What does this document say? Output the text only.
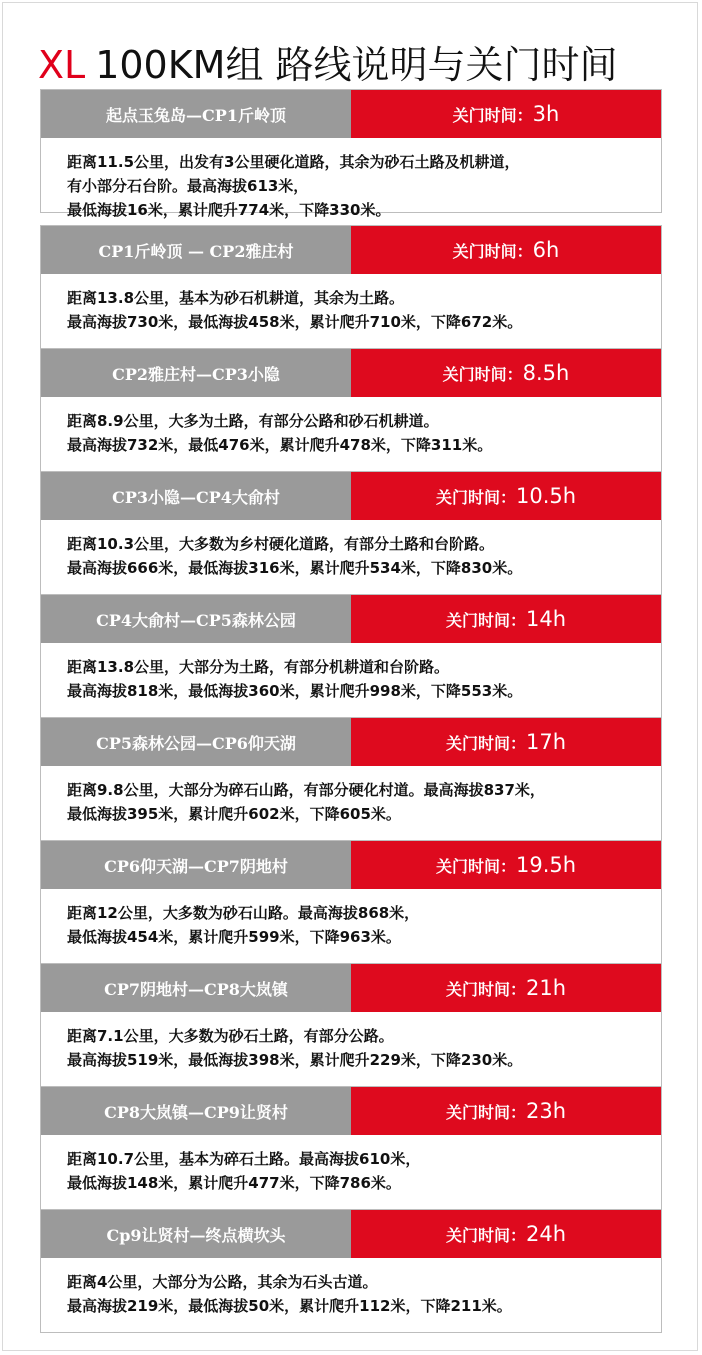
XL 100KM组 路线说明与关门时间
起点玉兔岛—CP1斤岭顶	关门时间： 3h
距离11.5公里，出发有3公里硬化道路，其余为砂石土路及机耕道，
有小部分石台阶。最高海拔613米，
最低海拔16米，累计爬升774米，下降330米。
CP1斤岭顶 — CP2雅庄村	关门时间： 6h
距离13.8公里，基本为砂石机耕道，其余为土路。
最高海拔730米，最低海拔458米，累计爬升710米，下降672米。
CP2雅庄村—CP3小隐	关门时间： 8.5h
距离8.9公里，大多为土路，有部分公路和砂石机耕道。
最高海拔732米，最低476米，累计爬升478米，下降311米。
CP3小隐—CP4大俞村	关门时间： 10.5h
距离10.3公里，大多数为乡村硬化道路，有部分土路和台阶路。
最高海拔666米，最低海拔316米，累计爬升534米，下降830米。
CP4大俞村—CP5森林公园	关门时间： 14h
距离13.8公里，大部分为土路，有部分机耕道和台阶路。
最高海拔818米，最低海拔360米，累计爬升998米，下降553米。
CP5森林公园—CP6仰天湖	关门时间： 17h
距离9.8公里，大部分为碎石山路，有部分硬化村道。最高海拔837米，
最低海拔395米，累计爬升602米，下降605米。
CP6仰天湖—CP7阴地村	关门时间： 19.5h
距离12公里，大多数为砂石山路。最高海拔868米，
最低海拔454米，累计爬升599米，下降963米。
CP7阴地村—CP8大岚镇	关门时间： 21h
距离7.1公里，大多数为砂石土路，有部分公路。
最高海拔519米，最低海拔398米，累计爬升229米，下降230米。
CP8大岚镇—CP9让贤村	关门时间： 23h
距离10.7公里，基本为碎石土路。最高海拔610米，
最低海拔148米，累计爬升477米，下降786米。
Cp9让贤村—终点横坎头	关门时间： 24h
距离4公里，大部分为公路，其余为石头古道。
最高海拔219米，最低海拔50米，累计爬升112米，下降211米。
